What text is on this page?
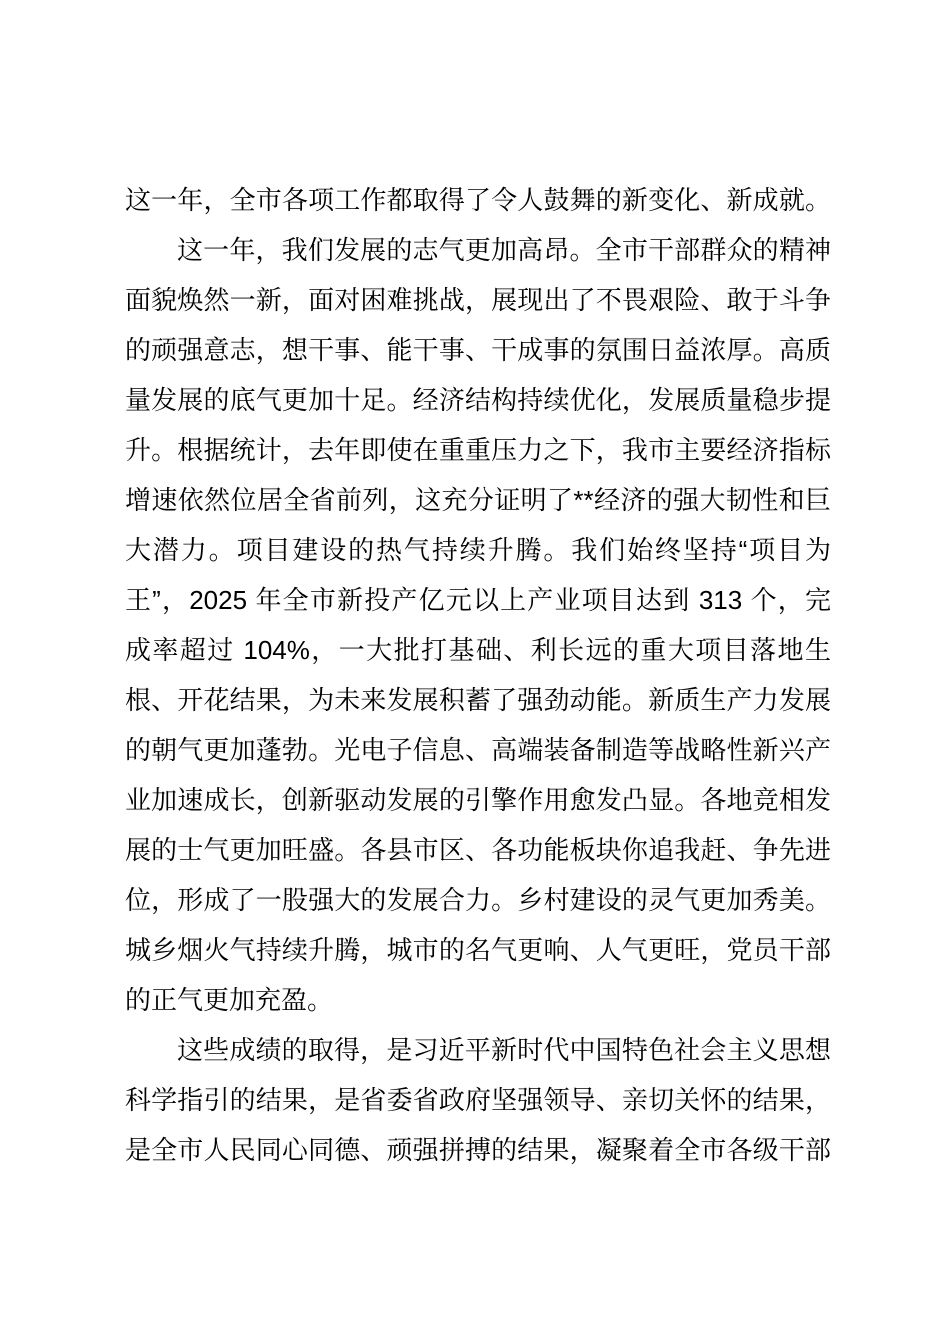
这一年，全市各项工作都取得了令人鼓舞的新变化、新成就。
这一年，我们发展的志气更加高昂。全市干部群众的精神
面貌焕然一新，面对困难挑战，展现出了不畏艰险、敢于斗争
的顽强意志，想干事、能干事、干成事的氛围日益浓厚。高质
量发展的底气更加十足。经济结构持续优化，发展质量稳步提
升。根据统计，去年即使在重重压力之下，我市主要经济指标
增速依然位居全省前列，这充分证明了**经济的强大韧性和巨
大潜力。项目建设的热气持续升腾。我们始终坚持“项目为
王”，2025 年全市新投产亿元以上产业项目达到 313 个，完
成率超过 104%，一大批打基础、利长远的重大项目落地生
根、开花结果，为未来发展积蓄了强劲动能。新质生产力发展
的朝气更加蓬勃。光电子信息、高端装备制造等战略性新兴产
业加速成长，创新驱动发展的引擎作用愈发凸显。各地竞相发
展的士气更加旺盛。各县市区、各功能板块你追我赶、争先进
位，形成了一股强大的发展合力。乡村建设的灵气更加秀美。
城乡烟火气持续升腾，城市的名气更响、人气更旺，党员干部
的正气更加充盈。
这些成绩的取得，是习近平新时代中国特色社会主义思想
科学指引的结果，是省委省政府坚强领导、亲切关怀的结果，
是全市人民同心同德、顽强拼搏的结果，凝聚着全市各级干部
